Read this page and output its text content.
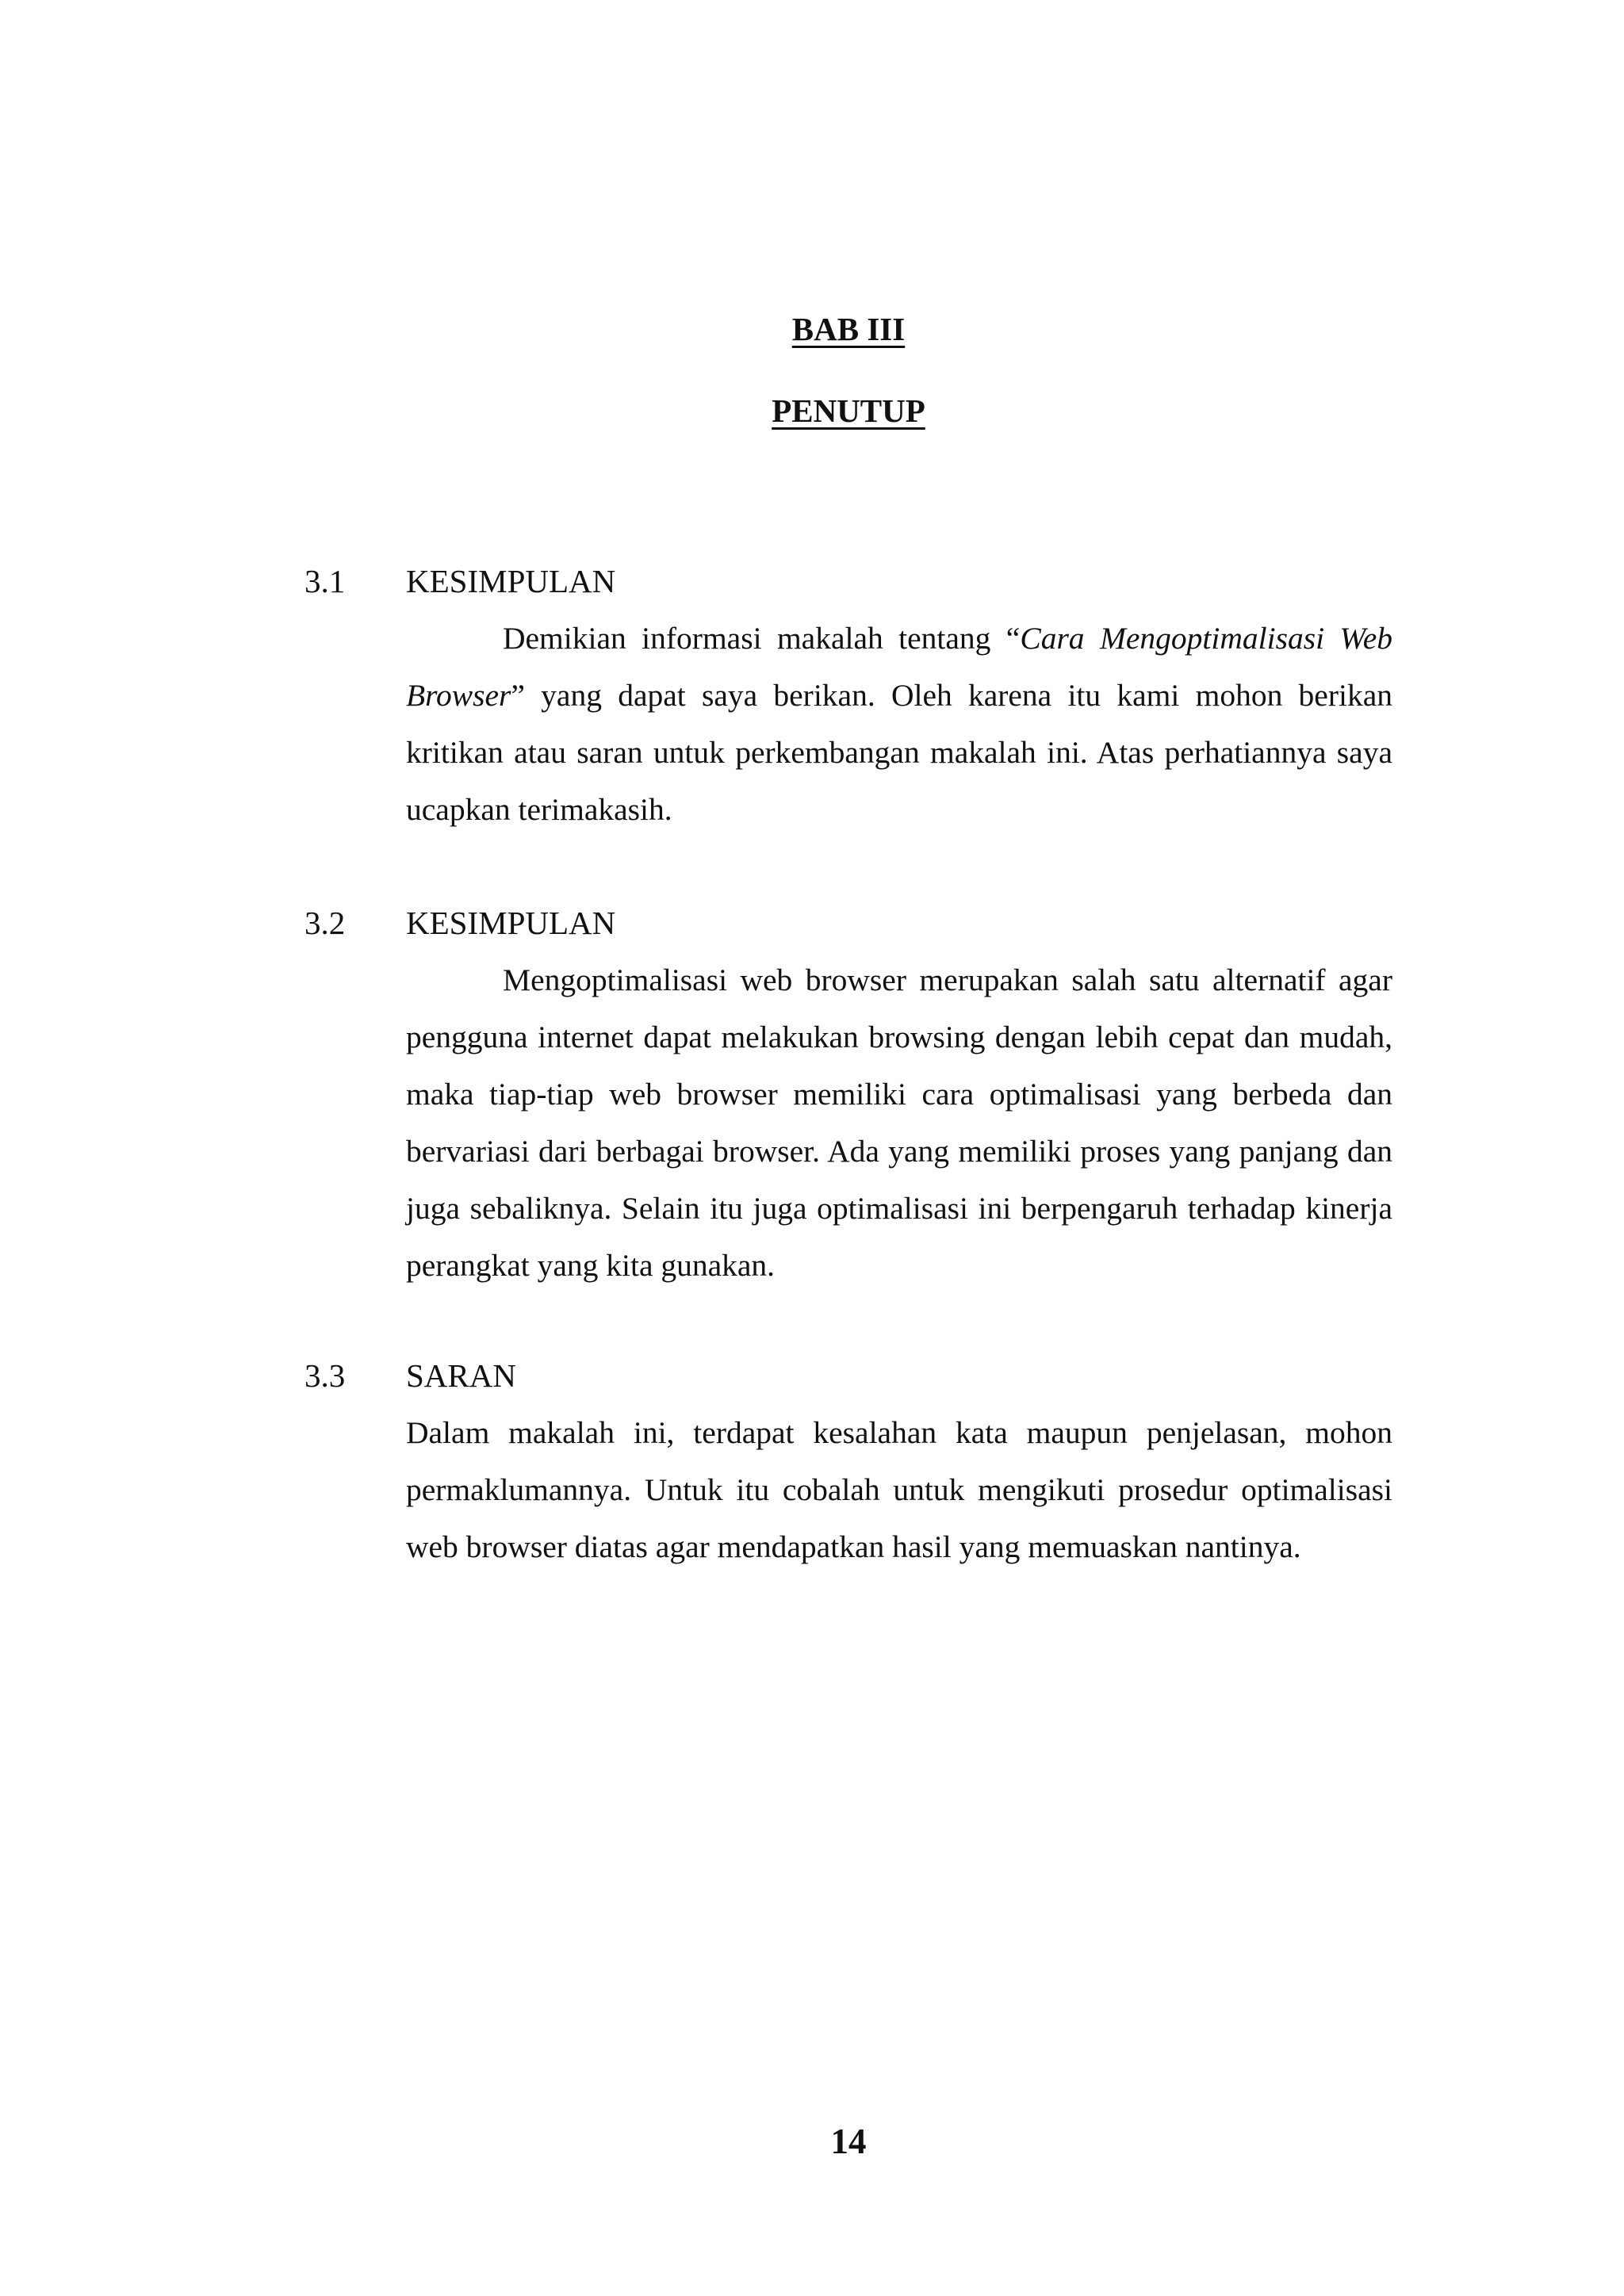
BAB III
PENUTUP
3.1 KESIMPULAN

Demikian informasi makalah tentang “Cara Mengoptimalisasi Web Browser” yang dapat saya berikan. Oleh karena itu kami mohon berikan kritikan atau saran untuk perkembangan makalah ini. Atas perhatiannya saya ucapkan terimakasih.

3.2 KESIMPULAN

Mengoptimalisasi web browser merupakan salah satu alternatif agar pengguna internet dapat melakukan browsing dengan lebih cepat dan mudah, maka tiap-tiap web browser memiliki cara optimalisasi yang berbeda dan bervariasi dari berbagai browser. Ada yang memiliki proses yang panjang dan juga sebaliknya. Selain itu juga optimalisasi ini berpengaruh terhadap kinerja perangkat yang kita gunakan.

3.3 SARAN

Dalam makalah ini, terdapat kesalahan kata maupun penjelasan, mohon permaklumannya. Untuk itu cobalah untuk mengikuti prosedur optimalisasi web browser diatas agar mendapatkan hasil yang memuaskan nantinya.

14
